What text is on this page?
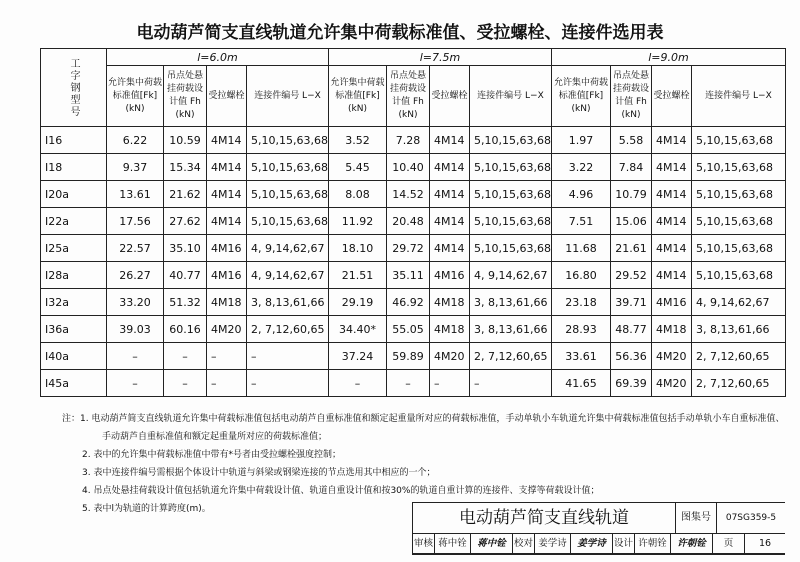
电动葫芦简支直线轨道允许集中荷载标准值、受拉螺栓、连接件选用表
工字钢型号	l=6.0m				l=7.5m				l=9.0m			
	允许集中荷载标准值[Fk](kN)	吊点处悬挂荷载设计值 Fh (kN)	受拉螺栓	连接件编号 L−X	允许集中荷载标准值[Fk](kN)	吊点处悬挂荷载设计值 Fh (kN)	受拉螺栓	连接件编号 L−X	允许集中荷载标准值[Fk](kN)	吊点处悬挂荷载设计值 Fh (kN)	受拉螺栓	连接件编号 L−X
I16	6.22	10.59	4M14	5,10,15,63,68	3.52	7.28	4M14	5,10,15,63,68	1.97	5.58	4M14	5,10,15,63,68
I18	9.37	15.34	4M14	5,10,15,63,68	5.45	10.40	4M14	5,10,15,63,68	3.22	7.84	4M14	5,10,15,63,68
I20a	13.61	21.62	4M14	5,10,15,63,68	8.08	14.52	4M14	5,10,15,63,68	4.96	10.79	4M14	5,10,15,63,68
I22a	17.56	27.62	4M14	5,10,15,63,68	11.92	20.48	4M14	5,10,15,63,68	7.51	15.06	4M14	5,10,15,63,68
I25a	22.57	35.10	4M16	4, 9,14,62,67	18.10	29.72	4M14	5,10,15,63,68	11.68	21.61	4M14	5,10,15,63,68
I28a	26.27	40.77	4M16	4, 9,14,62,67	21.51	35.11	4M16	4, 9,14,62,67	16.80	29.52	4M14	5,10,15,63,68
I32a	33.20	51.32	4M18	3, 8,13,61,66	29.19	46.92	4M18	3, 8,13,61,66	23.18	39.71	4M16	4, 9,14,62,67
I36a	39.03	60.16	4M20	2, 7,12,60,65	34.40*	55.05	4M18	3, 8,13,61,66	28.93	48.77	4M18	3, 8,13,61,66
I40a	–	–	–	–	37.24	59.89	4M20	2, 7,12,60,65	33.61	56.36	4M20	2, 7,12,60,65
I45a	–	–	–	–	–	–	–	–	41.65	69.39	4M20	2, 7,12,60,65
注：1. 电动葫芦简支直线轨道允许集中荷载标准值包括电动葫芦自重标准值和额定起重量所对应的荷载标准值，手动单轨小车轨道允许集中荷载标准值包括手动单轨小车自重标准值、
手动葫芦自重标准值和额定起重量所对应的荷载标准值；
2. 表中的允许集中荷载标准值中带有*号者由受拉螺栓强度控制；
3. 表中连接件编号需根据个体设计中轨道与斜梁或钢梁连接的节点选用其中相应的一个；
4. 吊点处悬挂荷载设计值包括轨道允许集中荷载设计值、轨道自重设计值和按30%的轨道自重计算的连接件、支撑等荷载设计值；
5. 表中l为轨道的计算跨度(m)。	电动葫芦简支直线轨道	图集号	07SG359-5
审核 蒋中铨	蒋中铨 校对 姜学诗	姜学诗 设计 许朝铨	许朝铨	页	16
